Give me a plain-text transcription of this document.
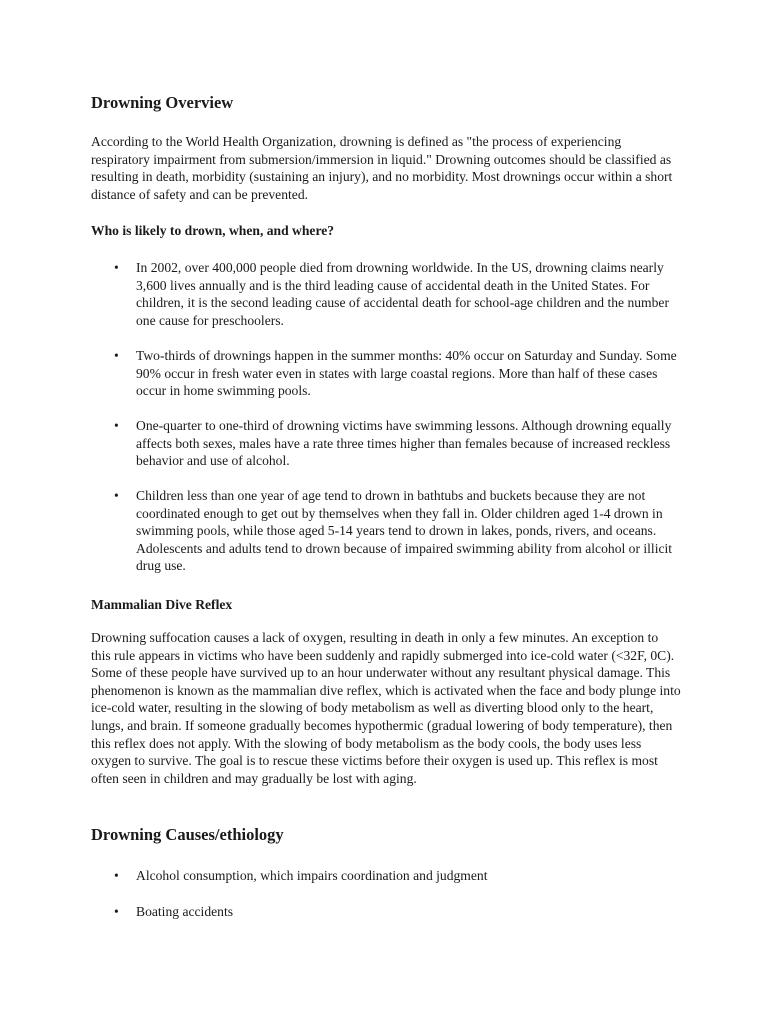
Drowning Overview

According to the World Health Organization, drowning is defined as "the process of experiencing respiratory impairment from submersion/immersion in liquid." Drowning outcomes should be classified as resulting in death, morbidity (sustaining an injury), and no morbidity. Most drownings occur within a short distance of safety and can be prevented.

Who is likely to drown, when, and where?

•	In 2002, over 400,000 people died from drowning worldwide. In the US, drowning claims nearly 3,600 lives annually and is the third leading cause of accidental death in the United States. For children, it is the second leading cause of accidental death for school-age children and the number one cause for preschoolers.

•	Two-thirds of drownings happen in the summer months: 40% occur on Saturday and Sunday. Some 90% occur in fresh water even in states with large coastal regions. More than half of these cases occur in home swimming pools.

•	One-quarter to one-third of drowning victims have swimming lessons. Although drowning equally affects both sexes, males have a rate three times higher than females because of increased reckless behavior and use of alcohol.

•	Children less than one year of age tend to drown in bathtubs and buckets because they are not coordinated enough to get out by themselves when they fall in. Older children aged 1-4 drown in swimming pools, while those aged 5-14 years tend to drown in lakes, ponds, rivers, and oceans. Adolescents and adults tend to drown because of impaired swimming ability from alcohol or illicit drug use.

Mammalian Dive Reflex

Drowning suffocation causes a lack of oxygen, resulting in death in only a few minutes. An exception to this rule appears in victims who have been suddenly and rapidly submerged into ice-cold water (<32F, 0C). Some of these people have survived up to an hour underwater without any resultant physical damage. This phenomenon is known as the mammalian dive reflex, which is activated when the face and body plunge into ice-cold water, resulting in the slowing of body metabolism as well as diverting blood only to the heart, lungs, and brain. If someone gradually becomes hypothermic (gradual lowering of body temperature), then this reflex does not apply. With the slowing of body metabolism as the body cools, the body uses less oxygen to survive. The goal is to rescue these victims before their oxygen is used up. This reflex is most often seen in children and may gradually be lost with aging.

Drowning Causes/ethiology
•	Alcohol consumption, which impairs coordination and judgment

•	Boating accidents
